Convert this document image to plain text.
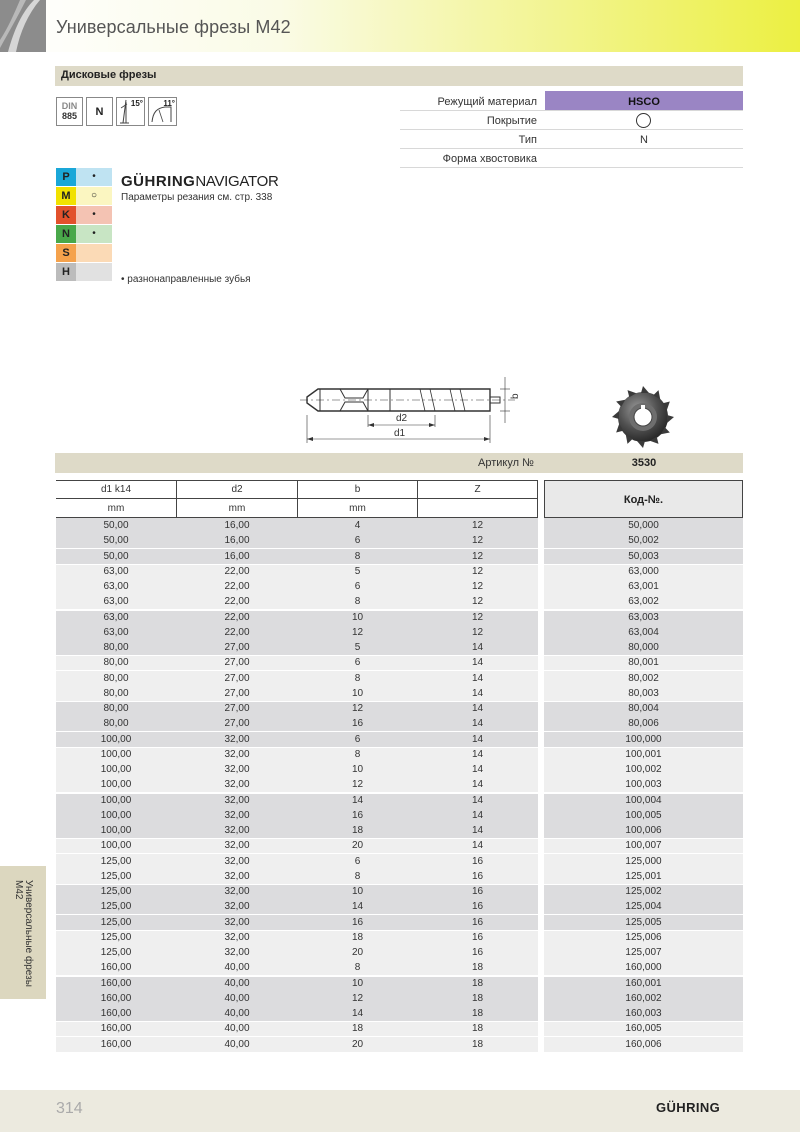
Универсальные фрезы М42
Дисковые фрезы
DIN
885	N
15°	11°	Режущий материал	HSCO
Покрытие
Тип	N
Форма хвостовика
P	•
M	○
K	•
N	•
S
H
GÜHRINGNAVIGATOR
Параметры резания см. стр. 338
• разнонаправленные зубья
d2
d1
b
Артикул №	3530
d1 k14	d2	b	Z
mm	mm	mm
Код-№.
50,00	16,00	4	12	50,000
50,00	16,00	6	12	50,002
50,00	16,00	8	12	50,003
63,00	22,00	5	12	63,000
63,00	22,00	6	12	63,001
63,00	22,00	8	12	63,002
63,00	22,00	10	12	63,003
63,00	22,00	12	12	63,004
80,00	27,00	5	14	80,000
80,00	27,00	6	14	80,001
80,00	27,00	8	14	80,002
80,00	27,00	10	14	80,003
80,00	27,00	12	14	80,004
80,00	27,00	16	14	80,006
100,00	32,00	6	14	100,000
100,00	32,00	8	14	100,001
100,00	32,00	10	14	100,002
100,00	32,00	12	14	100,003
100,00	32,00	14	14	100,004
100,00	32,00	16	14	100,005
100,00	32,00	18	14	100,006
100,00	32,00	20	14	100,007
125,00	32,00	6	16	125,000
125,00	32,00	8	16	125,001
125,00	32,00	10	16	125,002
125,00	32,00	14	16	125,004
125,00	32,00	16	16	125,005
125,00	32,00	18	16	125,006
125,00	32,00	20	16	125,007
160,00	40,00	8	18	160,000
160,00	40,00	10	18	160,001
160,00	40,00	12	18	160,002
160,00	40,00	14	18	160,003
160,00	40,00	18	18	160,005
160,00	40,00	20	18	160,006
Универсальные фрезы М42
314	GÜHRING
